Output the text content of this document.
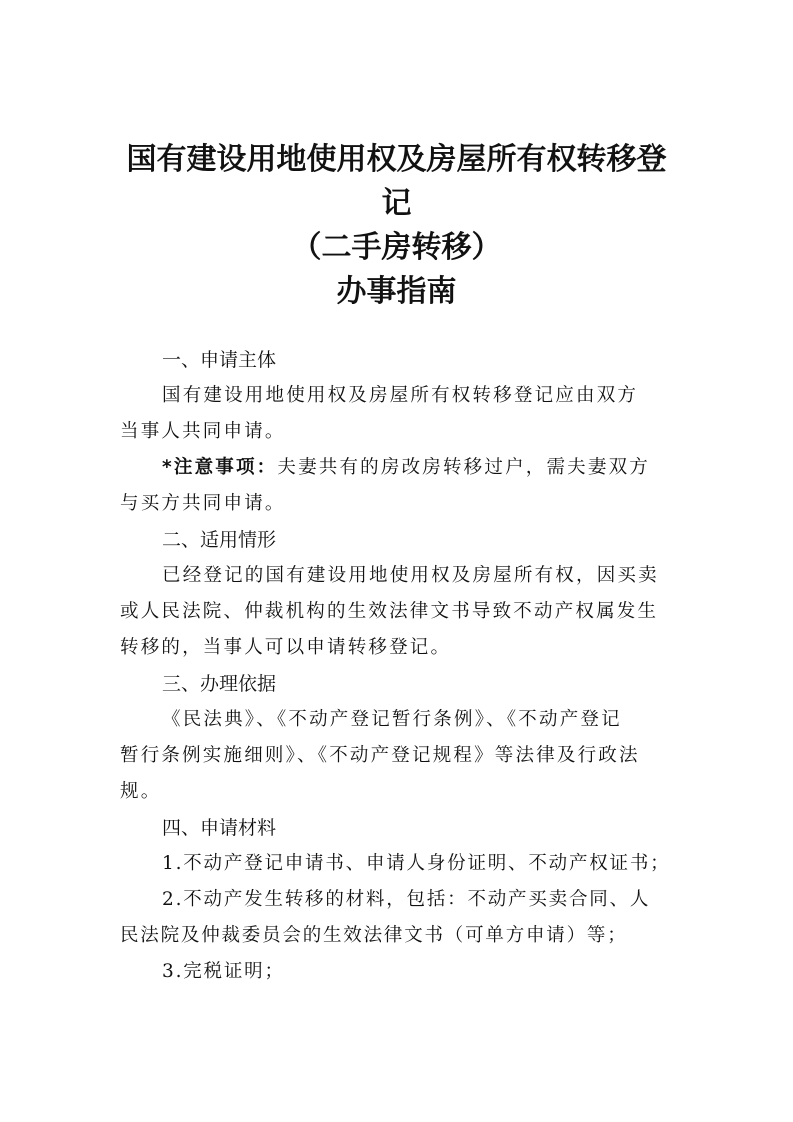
国有建设用地使用权及房屋所有权转移登
记
（二手房转移）
办事指南
一、申请主体
国有建设用地使用权及房屋所有权转移登记应由双方
当事人共同申请。
*注意事项：夫妻共有的房改房转移过户，需夫妻双方
与买方共同申请。
二、适用情形
已经登记的国有建设用地使用权及房屋所有权，因买卖
或人民法院、仲裁机构的生效法律文书导致不动产权属发生
转移的，当事人可以申请转移登记。
三、办理依据
《民法典》、《不动产登记暂行条例》、《不动产登记
暂行条例实施细则》、《不动产登记规程》等法律及行政法
规。
四、申请材料
1.不动产登记申请书、申请人身份证明、不动产权证书；
2.不动产发生转移的材料，包括：不动产买卖合同、人
民法院及仲裁委员会的生效法律文书（可单方申请）等；
3.完税证明；
